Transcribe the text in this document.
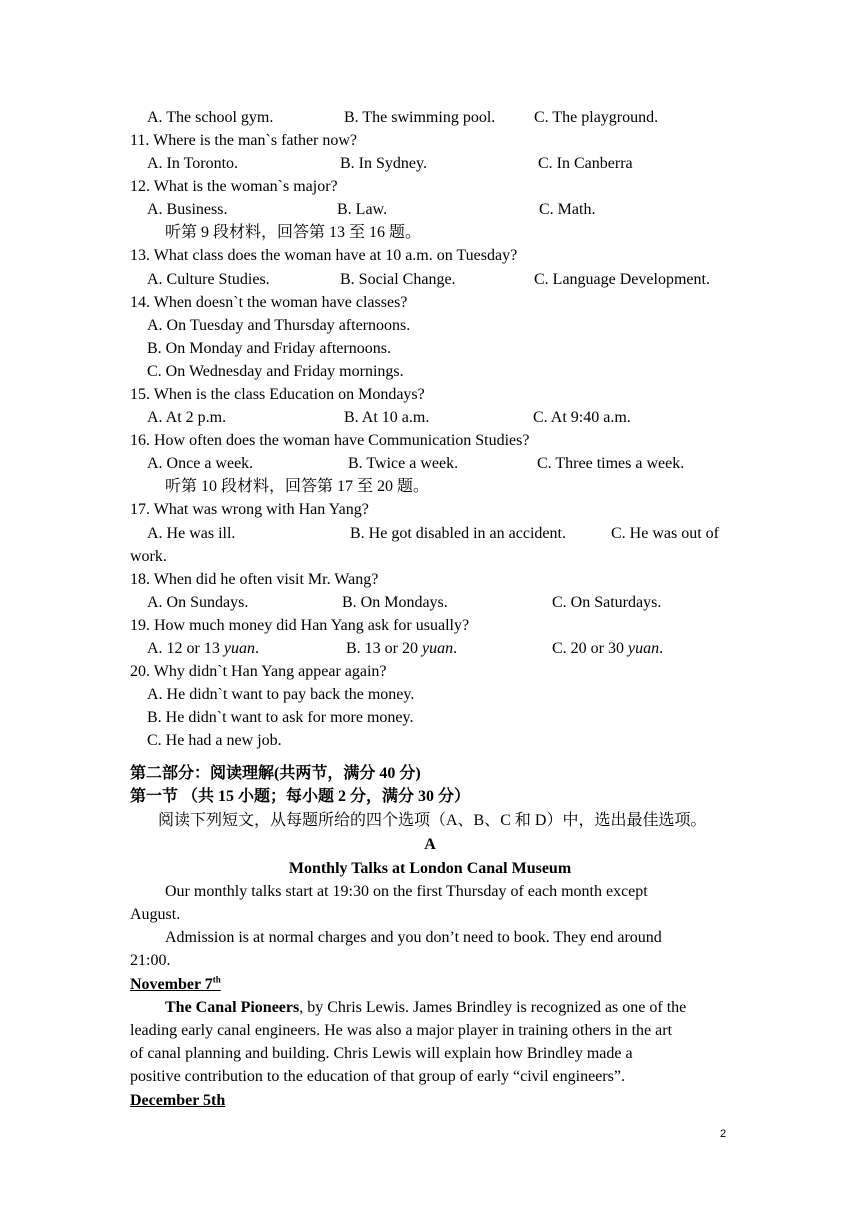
A. The school gym.	B. The swimming pool. C. The playground.
11. Where is the man`s father now?
A. In Toronto.	B. In Sydney.	C. In Canberra
12. What is the woman`s major?
A. Business.	B. Law.	C. Math.
听第 9 段材料，回答第 13 至 16 题。
13. What class does the woman have at 10 a.m. on Tuesday?
A. Culture Studies.	B. Social Change.	C. Language Development.
14. When doesn`t the woman have classes?
A. On Tuesday and Thursday afternoons.
B. On Monday and Friday afternoons.
C. On Wednesday and Friday mornings.
15. When is the class Education on Mondays?
A. At 2 p.m.	B. At 10 a.m.	C. At 9:40 a.m.
16. How often does the woman have Communication Studies?
A. Once a week.	B. Twice a week.	C. Three times a week.
听第 10 段材料，回答第 17 至 20 题。
17. What was wrong with Han Yang?
A. He was ill.	B. He got disabled in an accident.	C. He was out of
work.
18. When did he often visit Mr. Wang?
A. On Sundays.	B. On Mondays.	C. On Saturdays.
19. How much money did Han Yang ask for usually?
A. 12 or 13 yuan.	B. 13 or 20 yuan.	C. 20 or 30 yuan.
20. Why didn`t Han Yang appear again?
A. He didn`t want to pay back the money.
B. He didn`t want to ask for more money.
C. He had a new job.
第二部分：阅读理解(共两节，满分 40 分)
第一节 （共 15 小题；每小题 2 分，满分 30 分）
阅读下列短文，从每题所给的四个选项（A、B、C 和 D）中，选出最佳选项。
A
Monthly Talks at London Canal Museum
Our monthly talks start at 19:30 on the first Thursday of each month except
August.
Admission is at normal charges and you don’t need to book. They end around
21:00.
November 7th
The Canal Pioneers, by Chris Lewis. James Brindley is recognized as one of the
leading early canal engineers. He was also a major player in training others in the art
of canal planning and building. Chris Lewis will explain how Brindley made a
positive contribution to the education of that group of early “civil engineers”.
December 5th
2
